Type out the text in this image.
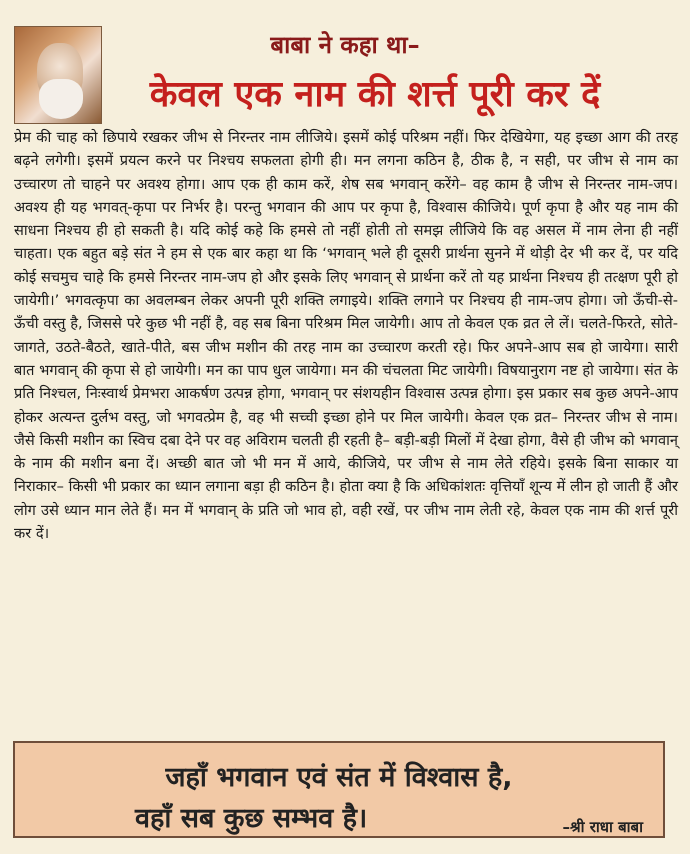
बाबा ने कहा था–
केवल एक नाम की शर्त्त पूरी कर दें
प्रेम की चाह को छिपाये रखकर जीभ से निरन्तर नाम लीजिये। इसमें कोई परिश्रम नहीं। फिर देखियेगा, यह इच्छा आग की तरह बढ़ने लगेगी। इसमें प्रयत्न करने पर निश्चय सफलता होगी ही। मन लगना कठिन है, ठीक है, न सही, पर जीभ से नाम का उच्चारण तो चाहने पर अवश्य होगा। आप एक ही काम करें, शेष सब भगवान् करेंगे– वह काम है जीभ से निरन्तर नाम-जप। अवश्य ही यह भगवत्-कृपा पर निर्भर है। परन्तु भगवान की आप पर कृपा है, विश्वास कीजिये। पूर्ण कृपा है और यह नाम की साधना निश्चय ही हो सकती है। यदि कोई कहे कि हमसे तो नहीं होती तो समझ लीजिये कि वह असल में नाम लेना ही नहीं चाहता। एक बहुत बड़े संत ने हम से एक बार कहा था कि ‘भगवान् भले ही दूसरी प्रार्थना सुनने में थोड़ी देर भी कर दें, पर यदि कोई सचमुच चाहे कि हमसे निरन्तर नाम-जप हो और इसके लिए भगवान् से प्रार्थना करें तो यह प्रार्थना निश्चय ही तत्क्षण पूरी हो जायेगी।’ भगवत्कृपा का अवलम्बन लेकर अपनी पूरी शक्ति लगाइये। शक्ति लगाने पर निश्चय ही नाम-जप होगा। जो ऊँची-से-ऊँची वस्तु है, जिससे परे कुछ भी नहीं है, वह सब बिना परिश्रम मिल जायेगी। आप तो केवल एक व्रत ले लें। चलते-फिरते, सोते-जागते, उठते-बैठते, खाते-पीते, बस जीभ मशीन की तरह नाम का उच्चारण करती रहे। फिर अपने-आप सब हो जायेगा। सारी बात भगवान् की कृपा से हो जायेगी। मन का पाप धुल जायेगा। मन की चंचलता मिट जायेगी। विषयानुराग नष्ट हो जायेगा। संत के प्रति निश्चल, निःस्वार्थ प्रेमभरा आकर्षण उत्पन्न होगा, भगवान् पर संशयहीन विश्वास उत्पन्न होगा। इस प्रकार सब कुछ अपने-आप होकर अत्यन्त दुर्लभ वस्तु, जो भगवत्प्रेम है, वह भी सच्ची इच्छा होने पर मिल जायेगी। केवल एक व्रत– निरन्तर जीभ से नाम। जैसे किसी मशीन का स्विच दबा देने पर वह अविराम चलती ही रहती है– बड़ी-बड़ी मिलों में देखा होगा, वैसे ही जीभ को भगवान् के नाम की मशीन बना दें। अच्छी बात जो भी मन में आये, कीजिये, पर जीभ से नाम लेते रहिये। इसके बिना साकार या निराकार– किसी भी प्रकार का ध्यान लगाना बड़ा ही कठिन है। होता क्या है कि अधिकांशतः वृत्तियाँ शून्य में लीन हो जाती हैं और लोग उसे ध्यान मान लेते हैं। मन में भगवान् के प्रति जो भाव हो, वही रखें, पर जीभ नाम लेती रहे, केवल एक नाम की शर्त्त पूरी कर दें।
जहाँ भगवान एवं संत में विश्वास है,
वहाँ सब कुछ सम्भव है।	–श्री राधा बाबा
